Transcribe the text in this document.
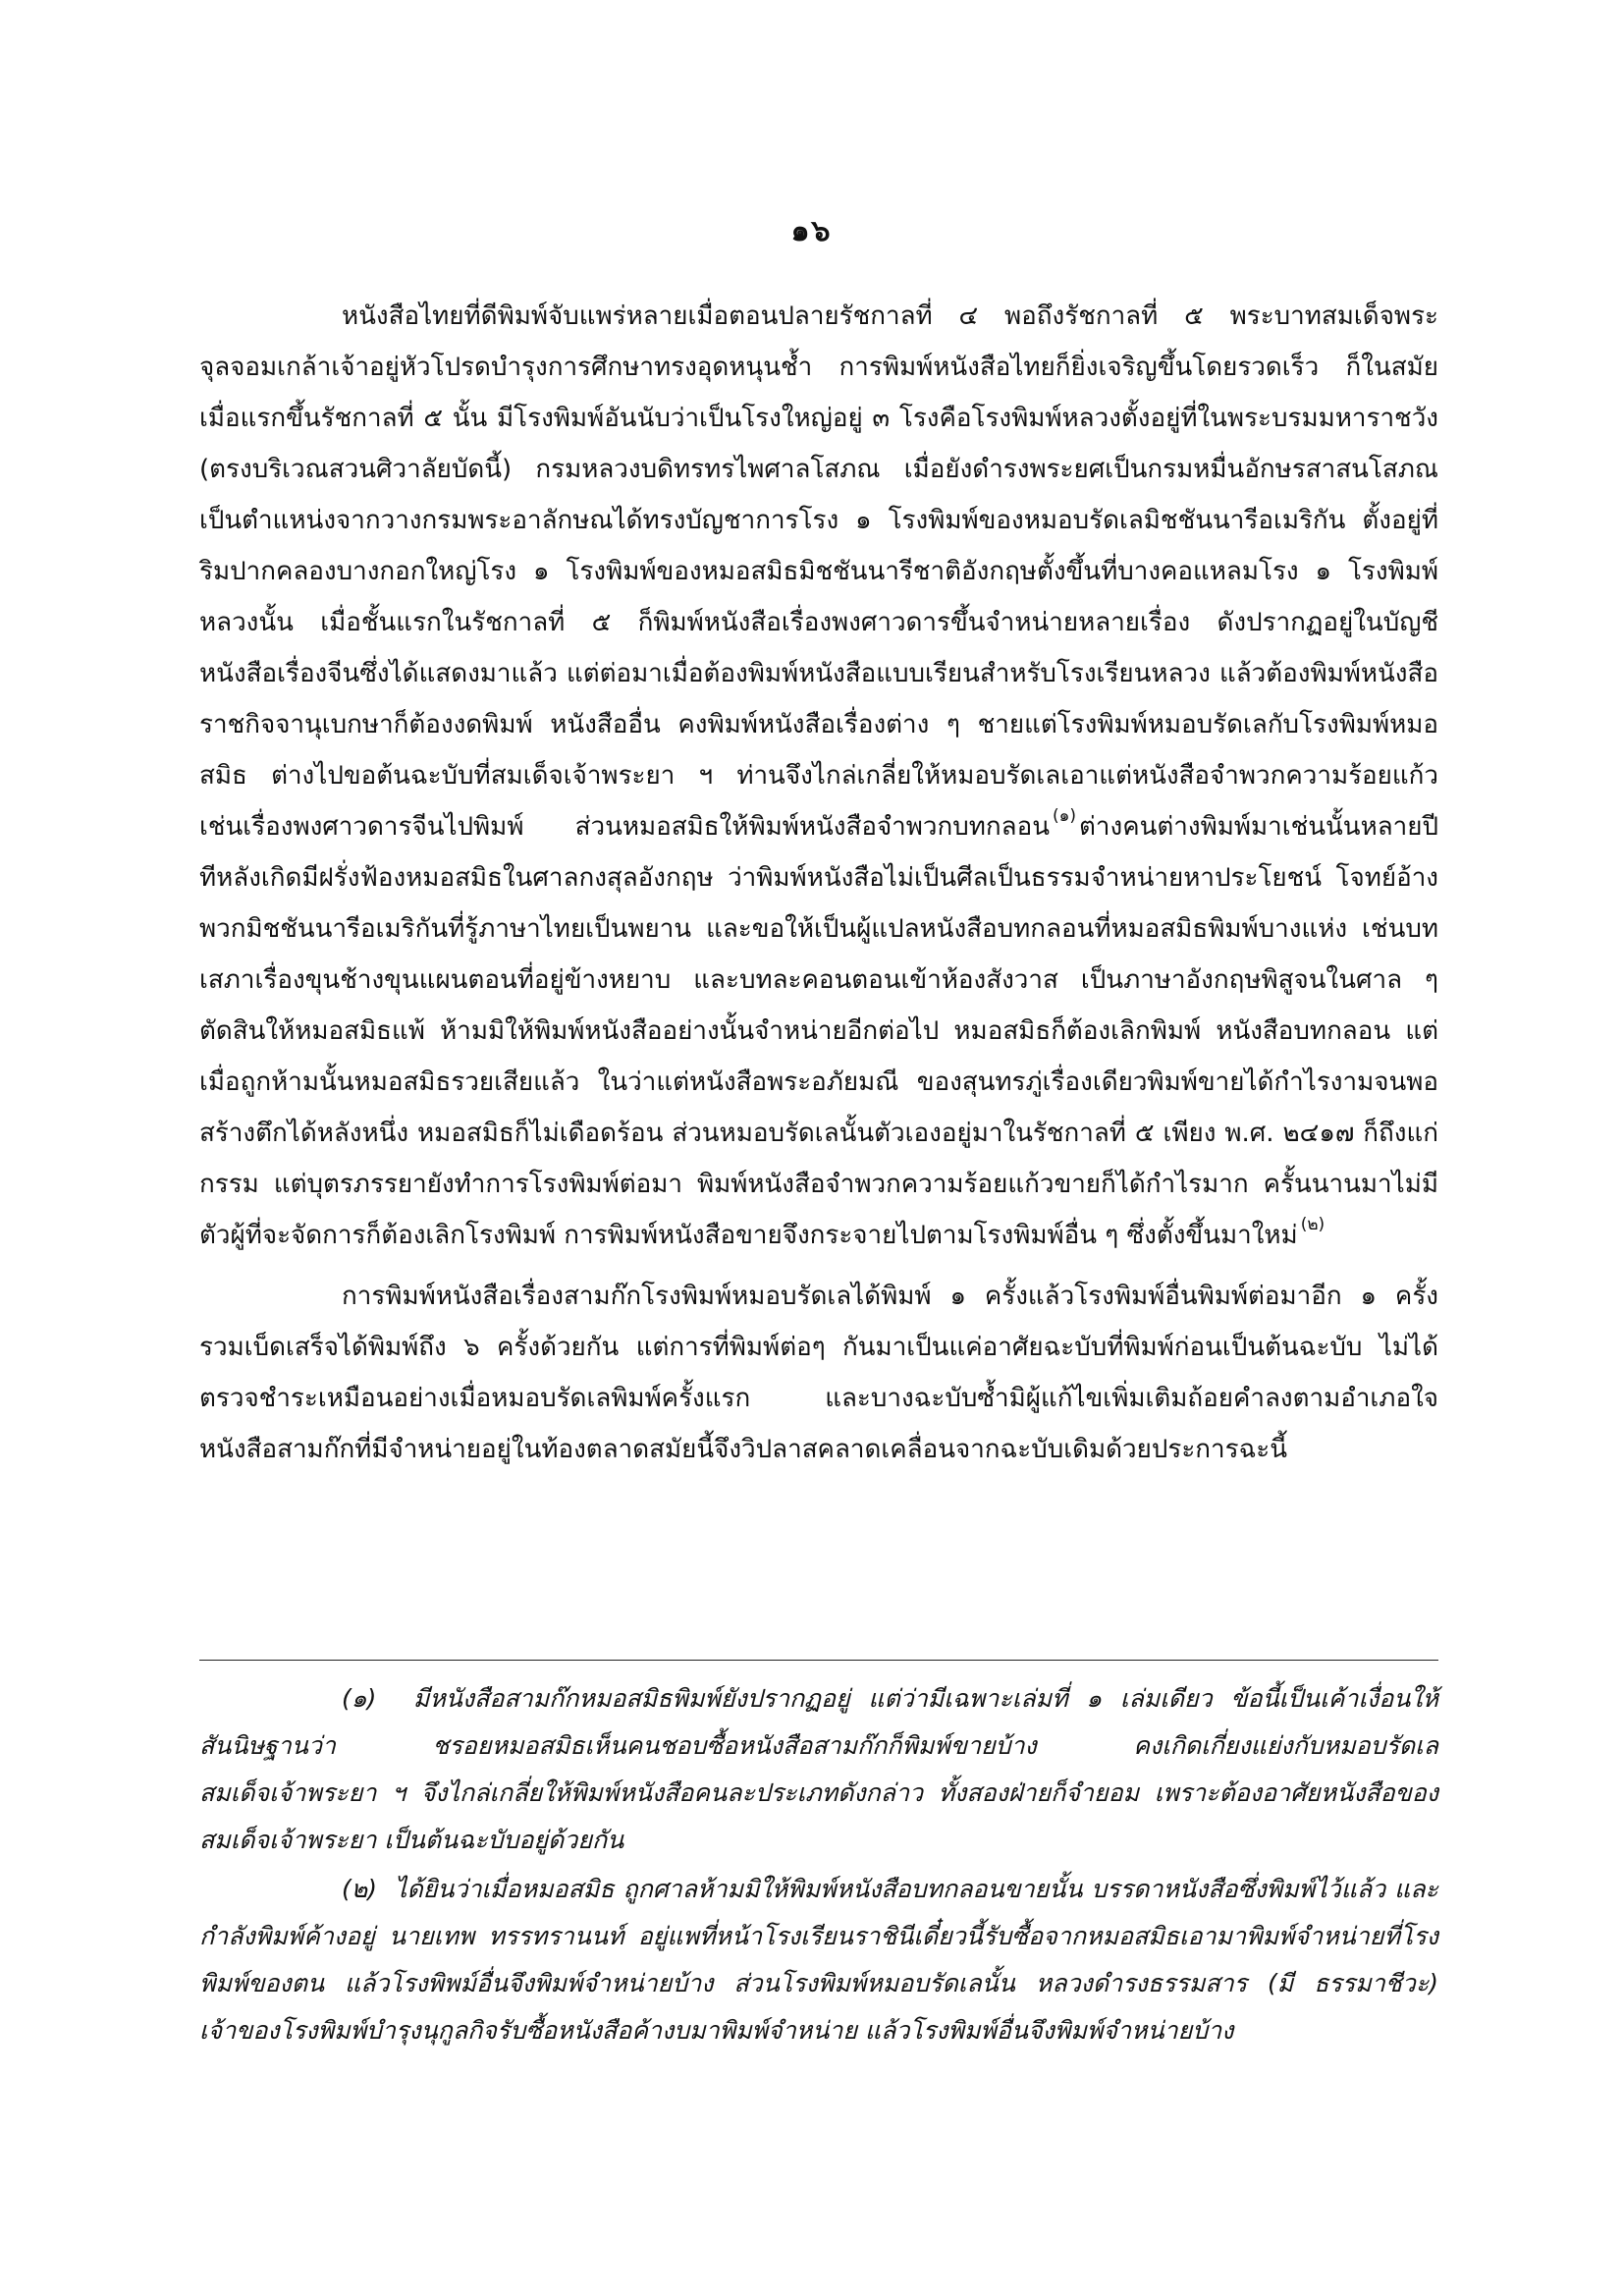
๑๖

หนังสือไทยที่ดีพิมพ์จับแพร่หลายเมื่อตอนปลายรัชกาลที่ ๔ พอถึงรัชกาลที่ ๕ พระบาทสมเด็จพระจุลจอมเกล้าเจ้าอยู่หัวโปรดบำรุงการศึกษาทรงอุดหนุนช้ำ การพิมพ์หนังสือไทยก็ยิ่งเจริญขึ้นโดยรวดเร็ว ก็ในสมัยเมื่อแรกขึ้นรัชกาลที่ ๕ นั้น มีโรงพิมพ์อันนับว่าเป็นโรงใหญ่อยู่ ๓ โรงคือโรงพิมพ์หลวงตั้งอยู่ที่ในพระบรมมหาราชวัง (ตรงบริเวณสวนศิวาลัยบัดนี้) กรมหลวงบดิทรทรไพศาลโสภณ เมื่อยังดำรงพระยศเป็นกรมหมื่นอักษรสาสนโสภณ เป็นตำแหน่งจากวางกรมพระอาลักษณได้ทรงบัญชาการโรง ๑ โรงพิมพ์ของหมอบรัดเลมิชชันนารีอเมริกัน ตั้งอยู่ที่ริมปากคลองบางกอกใหญ่โรง ๑ โรงพิมพ์ของหมอสมิธมิชชันนารีชาติอังกฤษตั้งขึ้นที่บางคอแหลมโรง ๑ โรงพิมพ์หลวงนั้น เมื่อชั้นแรกในรัชกาลที่ ๕ ก็พิมพ์หนังสือเรื่องพงศาวดารขึ้นจำหน่ายหลายเรื่อง ดังปรากฏอยู่ในบัญชีหนังสือเรื่องจีนซึ่งได้แสดงมาแล้ว แต่ต่อมาเมื่อต้องพิมพ์หนังสือแบบเรียนสำหรับโรงเรียนหลวง แล้วต้องพิมพ์หนังสือราชกิจจานุเบกษาก็ต้องงดพิมพ์ หนังสืออื่น คงพิมพ์หนังสือเรื่องต่าง ๆ ชายแต่โรงพิมพ์หมอบรัดเลกับโรงพิมพ์หมอสมิธ ต่างไปขอต้นฉะบับที่สมเด็จเจ้าพระยา ฯ ท่านจึงไกล่เกลี่ยให้หมอบรัดเลเอาแต่หนังสือจำพวกความร้อยแก้ว เช่นเรื่องพงศาวดารจีนไปพิมพ์ ส่วนหมอสมิธให้พิมพ์หนังสือจำพวกบทกลอน $^{(๑)}$ ต่างคนต่างพิมพ์มาเช่นนั้นหลายปี ทีหลังเกิดมีฝรั่งฟ้องหมอสมิธในศาลกงสุลอังกฤษ ว่าพิมพ์หนังสือไม่เป็นศีลเป็นธรรมจำหน่ายหาประโยชน์ โจทย์อ้างพวกมิชชันนารีอเมริกันที่รู้ภาษาไทยเป็นพยาน และขอให้เป็นผู้แปลหนังสือบทกลอนที่หมอสมิธพิมพ์บางแห่ง เช่นบทเสภาเรื่องขุนช้างขุนแผนตอนที่อยู่ข้างหยาบ และบทละคอนตอนเข้าห้องสังวาส เป็นภาษาอังกฤษพิสูจนในศาล ๆ ตัดสินให้หมอสมิธแพ้ ห้ามมิให้พิมพ์หนังสืออย่างนั้นจำหน่ายอีกต่อไป หมอสมิธก็ต้องเลิกพิมพ์ หนังสือบทกลอน แต่เมื่อถูกห้ามนั้นหมอสมิธรวยเสียแล้ว ในว่าแต่หนังสือพระอภัยมณี ของสุนทรภู่เรื่องเดียวพิมพ์ขายได้กำไรงามจนพอสร้างตึกได้หลังหนึ่ง หมอสมิธก็ไม่เดือดร้อน ส่วนหมอบรัดเลนั้นตัวเองอยู่มาในรัชกาลที่ ๕ เพียง พ.ศ. ๒๔๑๗ ก็ถึงแก่กรรม แต่บุตรภรรยายังทำการโรงพิมพ์ต่อมา พิมพ์หนังสือจำพวกความร้อยแก้วขายก็ได้กำไรมาก ครั้นนานมาไม่มีตัวผู้ที่จะจัดการก็ต้องเลิกโรงพิมพ์ การพิมพ์หนังสือขายจึงกระจายไปตามโรงพิมพ์อื่น ๆ ซึ่งตั้งขึ้นมาใหม่ $^{(๒)}$

การพิมพ์หนังสือเรื่องสามก๊กโรงพิมพ์หมอบรัดเลได้พิมพ์ ๑ ครั้งแล้วโรงพิมพ์อื่นพิมพ์ต่อมาอีก ๑ ครั้ง รวมเบ็ดเสร็จได้พิมพ์ถึง ๖ ครั้งด้วยกัน แต่การที่พิมพ์ต่อๆ กันมาเป็นแค่อาศัยฉะบับที่พิมพ์ก่อนเป็นต้นฉะบับ ไม่ได้ตรวจชำระเหมือนอย่างเมื่อหมอบรัดเลพิมพ์ครั้งแรก และบางฉะบับซ้ำมิผู้แก้ไขเพิ่มเติมถ้อยคำลงตามอำเภอใจ หนังสือสามก๊กที่มีจำหน่ายอยู่ในท้องตลาดสมัยนี้จึงวิปลาสคลาดเคลื่อนจากฉะบับเดิมด้วยประการฉะนี้

(๑) มีหนังสือสามก๊กหมอสมิธพิมพ์ยังปรากฏอยู่ แต่ว่ามีเฉพาะเล่มที่ ๑ เล่มเดียว ข้อนี้เป็นเค้าเงื่อนให้สันนิษฐานว่า ชรอยหมอสมิธเห็นคนชอบซื้อหนังสือสามก๊กก็พิมพ์ขายบ้าง คงเกิดเกี่ยงแย่งกับหมอบรัดเล สมเด็จเจ้าพระยา ฯ จึงไกล่เกลี่ยให้พิมพ์หนังสือคนละประเภทดังกล่าว ทั้งสองฝ่ายก็จำยอม เพราะต้องอาศัยหนังสือของสมเด็จเจ้าพระยา เป็นต้นฉะบับอยู่ด้วยกัน

(๒) ได้ยินว่าเมื่อหมอสมิธ ถูกศาลห้ามมิให้พิมพ์หนังสือบทกลอนขายนั้น บรรดาหนังสือซึ่งพิมพ์ไว้แล้ว และกำลังพิมพ์ค้างอยู่ นายเทพ ทรรทรานนท์ อยู่แพที่หน้าโรงเรียนราชินีเดี๋ยวนี้รับซื้อจากหมอสมิธเอามาพิมพ์จำหน่ายที่โรงพิมพ์ของตน แล้วโรงพิพม์อื่นจึงพิมพ์จำหน่ายบ้าง ส่วนโรงพิมพ์หมอบรัดเลนั้น หลวงดำรงธรรมสาร (มี ธรรมาชีวะ) เจ้าของโรงพิมพ์บำรุงนุกูลกิจรับซื้อหนังสือค้างบมาพิมพ์จำหน่าย แล้วโรงพิมพ์อื่นจึงพิมพ์จำหน่ายบ้าง
